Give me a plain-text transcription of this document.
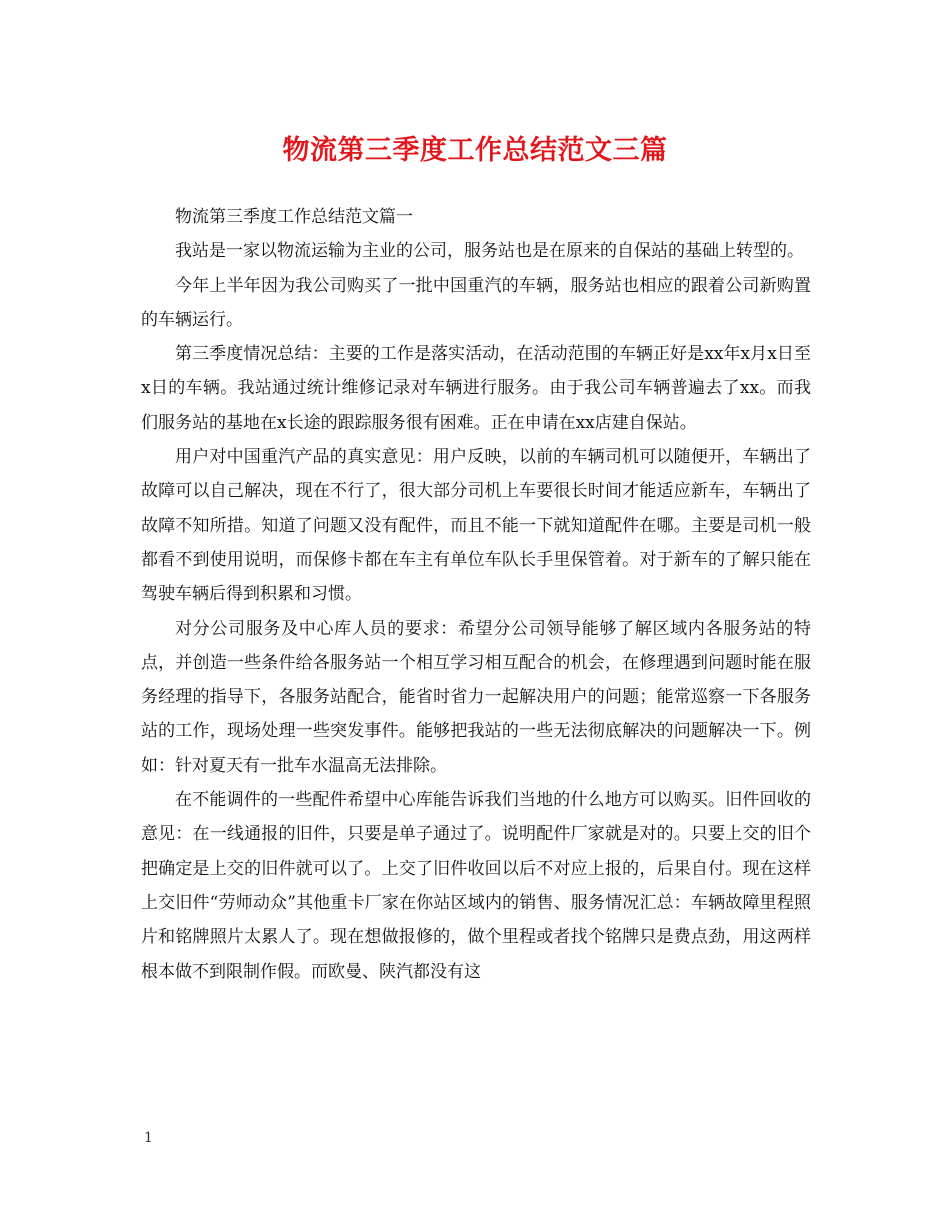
物流第三季度工作总结范文三篇

物流第三季度工作总结范文篇一

我站是一家以物流运输为主业的公司，服务站也是在原来的自保站的基础上转型的。

今年上半年因为我公司购买了一批中国重汽的车辆，服务站也相应的跟着公司新购置的车辆运行。

第三季度情况总结：主要的工作是落实活动，在活动范围的车辆正好是xx年x月x日至x日的车辆。我站通过统计维修记录对车辆进行服务。由于我公司车辆普遍去了xx。而我们服务站的基地在x长途的跟踪服务很有困难。正在申请在xx店建自保站。

用户对中国重汽产品的真实意见：用户反映，以前的车辆司机可以随便开，车辆出了故障可以自己解决，现在不行了，很大部分司机上车要很长时间才能适应新车，车辆出了故障不知所措。知道了问题又没有配件，而且不能一下就知道配件在哪。主要是司机一般都看不到使用说明，而保修卡都在车主有单位车队长手里保管着。对于新车的了解只能在驾驶车辆后得到积累和习惯。

对分公司服务及中心库人员的要求：希望分公司领导能够了解区域内各服务站的特点，并创造一些条件给各服务站一个相互学习相互配合的机会，在修理遇到问题时能在服务经理的指导下，各服务站配合，能省时省力一起解决用户的问题；能常巡察一下各服务站的工作，现场处理一些突发事件。能够把我站的一些无法彻底解决的问题解决一下。例如：针对夏天有一批车水温高无法排除。

在不能调件的一些配件希望中心库能告诉我们当地的什么地方可以购买。旧件回收的意见：在一线通报的旧件，只要是单子通过了。说明配件厂家就是对的。只要上交的旧个把确定是上交的旧件就可以了。上交了旧件收回以后不对应上报的，后果自付。现在这样上交旧件“劳师动众”其他重卡厂家在你站区域内的销售、服务情况汇总：车辆故障里程照片和铭牌照片太累人了。现在想做报修的，做个里程或者找个铭牌只是费点劲，用这两样根本做不到限制作假。而欧曼、陕汽都没有这

1
